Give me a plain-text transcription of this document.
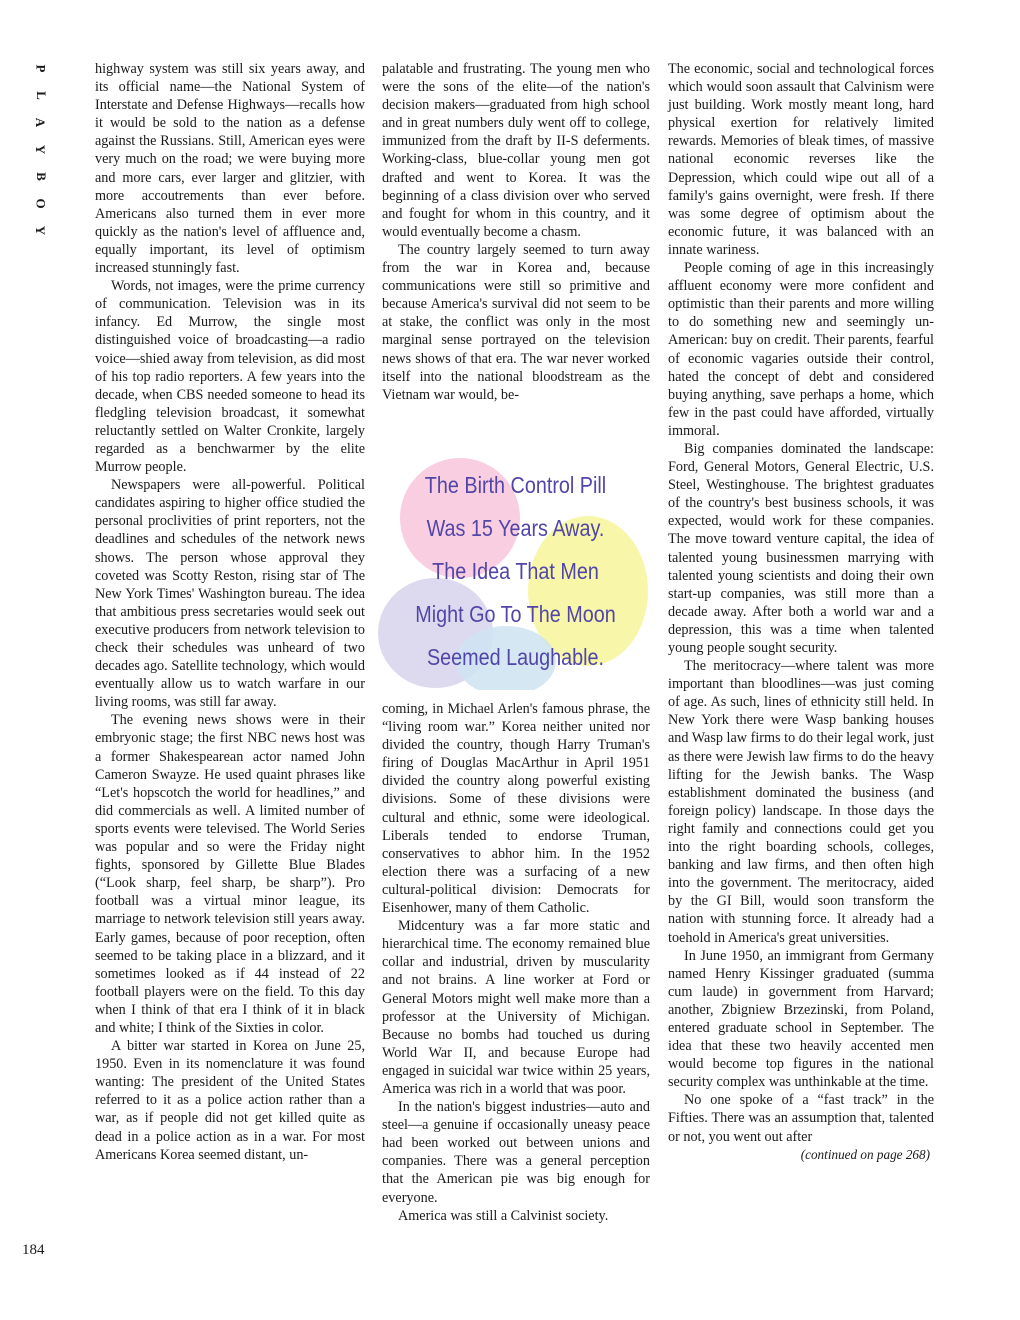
P
L
A
Y
B
O
Y
184

highway system was still six years away, and its official name—the National System of Interstate and Defense Highways—recalls how it would be sold to the nation as a defense against the Russians. Still, American eyes were very much on the road; we were buying more and more cars, ever larger and glitzier, with more accoutrements than ever before. Americans also turned them in ever more quickly as the nation's level of affluence and, equally important, its level of optimism increased stunningly fast.

Words, not images, were the prime currency of communication. Television was in its infancy. Ed Murrow, the single most distinguished voice of broadcasting—a radio voice—shied away from television, as did most of his top radio reporters. A few years into the decade, when CBS needed someone to head its fledgling television broadcast, it somewhat reluctantly settled on Walter Cronkite, largely regarded as a benchwarmer by the elite Murrow people.

Newspapers were all-powerful. Political candidates aspiring to higher office studied the personal proclivities of print reporters, not the deadlines and schedules of the network news shows. The person whose approval they coveted was Scotty Reston, rising star of The New York Times' Washington bureau. The idea that ambitious press secretaries would seek out executive producers from network television to check their schedules was unheard of two decades ago. Satellite technology, which would eventually allow us to watch warfare in our living rooms, was still far away.

The evening news shows were in their embryonic stage; the first NBC news host was a former Shakespearean actor named John Cameron Swayze. He used quaint phrases like “Let's hopscotch the world for headlines,” and did commercials as well. A limited number of sports events were televised. The World Series was popular and so were the Friday night fights, sponsored by Gillette Blue Blades (“Look sharp, feel sharp, be sharp”). Pro football was a virtual minor league, its marriage to network television still years away. Early games, because of poor reception, often seemed to be taking place in a blizzard, and it sometimes looked as if 44 instead of 22 football players were on the field. To this day when I think of that era I think of it in black and white; I think of the Sixties in color.

A bitter war started in Korea on June 25, 1950. Even in its nomenclature it was found wanting: The president of the United States referred to it as a police action rather than a war, as if people did not get killed quite as dead in a police action as in a war. For most Americans Korea seemed distant, un-

palatable and frustrating. The young men who were the sons of the elite—of the nation's decision makers—graduated from high school and in great numbers duly went off to college, immunized from the draft by II-S deferments. Working-class, blue-collar young men got drafted and went to Korea. It was the beginning of a class division over who served and fought for whom in this country, and it would eventually become a chasm.

The country largely seemed to turn away from the war in Korea and, because communications were still so primitive and because America's survival did not seem to be at stake, the conflict was only in the most marginal sense portrayed on the television news shows of that era. The war never worked itself into the national bloodstream as the Vietnam war would, be-

coming, in Michael Arlen's famous phrase, the “living room war.” Korea neither united nor divided the country, though Harry Truman's firing of Douglas MacArthur in April 1951 divided the country along powerful existing divisions. Some of these divisions were cultural and ethnic, some were ideological. Liberals tended to endorse Truman, conservatives to abhor him. In the 1952 election there was a surfacing of a new cultural-political division: Democrats for Eisenhower, many of them Catholic.

Midcentury was a far more static and hierarchical time. The economy remained blue collar and industrial, driven by muscularity and not brains. A line worker at Ford or General Motors might well make more than a professor at the University of Michigan. Because no bombs had touched us during World War II, and because Europe had engaged in suicidal war twice within 25 years, America was rich in a world that was poor.

In the nation's biggest industries—auto and steel—a genuine if occasionally uneasy peace had been worked out between unions and companies. There was a general perception that the American pie was big enough for everyone.

America was still a Calvinist society.

The Birth Control Pill
Was 15 Years Away.
The Idea That Men
Might Go To The Moon
Seemed Laughable.

The economic, social and technological forces which would soon assault that Calvinism were just building. Work mostly meant long, hard physical exertion for relatively limited rewards. Memories of bleak times, of massive national economic reverses like the Depression, which could wipe out all of a family's gains overnight, were fresh. If there was some degree of optimism about the economic future, it was balanced with an innate wariness.

People coming of age in this increasingly affluent economy were more confident and optimistic than their parents and more willing to do something new and seemingly un-American: buy on credit. Their parents, fearful of economic vagaries outside their control, hated the concept of debt and considered buying anything, save perhaps a home, which few in the past could have afforded, virtually immoral.

Big companies dominated the landscape: Ford, General Motors, General Electric, U.S. Steel, Westinghouse. The brightest graduates of the country's best business schools, it was expected, would work for these companies. The move toward venture capital, the idea of talented young businessmen marrying with talented young scientists and doing their own start-up companies, was still more than a decade away. After both a world war and a depression, this was a time when talented young people sought security.

The meritocracy—where talent was more important than bloodlines—was just coming of age. As such, lines of ethnicity still held. In New York there were Wasp banking houses and Wasp law firms to do their legal work, just as there were Jewish law firms to do the heavy lifting for the Jewish banks. The Wasp establishment dominated the business (and foreign policy) landscape. In those days the right family and connections could get you into the right boarding schools, colleges, banking and law firms, and then often high into the government. The meritocracy, aided by the GI Bill, would soon transform the nation with stunning force. It already had a toehold in America's great universities.

In June 1950, an immigrant from Germany named Henry Kissinger graduated (summa cum laude) in government from Harvard; another, Zbigniew Brzezinski, from Poland, entered graduate school in September. The idea that these two heavily accented men would become top figures in the national security complex was unthinkable at the time.

No one spoke of a “fast track” in the Fifties. There was an assumption that, talented or not, you went out after

(continued on page 268)
